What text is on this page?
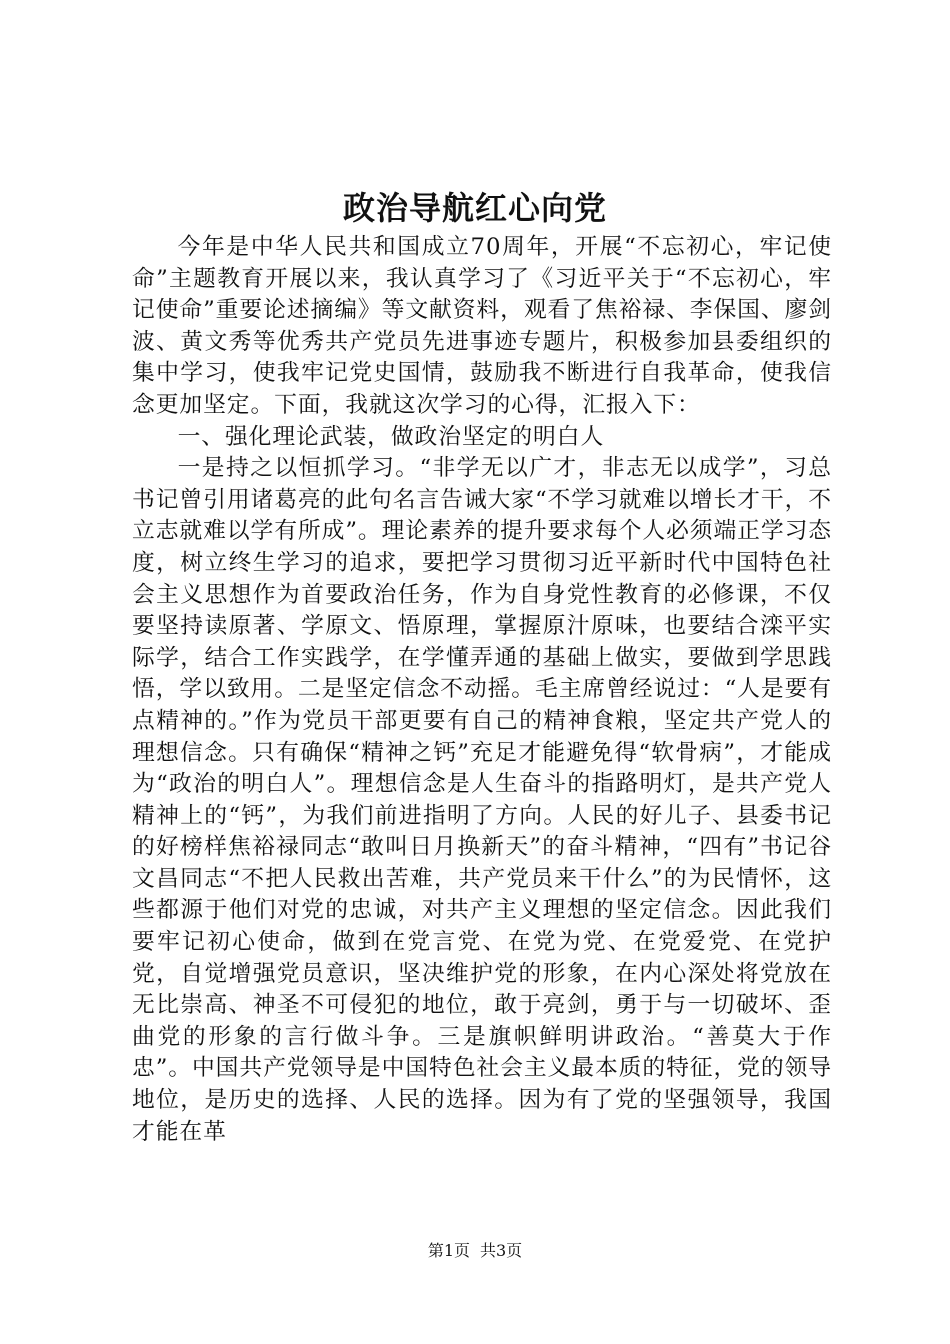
政治导航红心向党

今年是中华人民共和国成立70周年，开展“不忘初心，牢记使命”主题教育开展以来，我认真学习了《习近平关于“不忘初心，牢记使命”重要论述摘编》等文献资料，观看了焦裕禄、李保国、廖剑波、黄文秀等优秀共产党员先进事迹专题片，积极参加县委组织的集中学习，使我牢记党史国情，鼓励我不断进行自我革命，使我信念更加坚定。下面，我就这次学习的心得，汇报入下：

一、强化理论武装，做政治坚定的明白人

一是持之以恒抓学习。“非学无以广才，非志无以成学”，习总书记曾引用诸葛亮的此句名言告诫大家“不学习就难以增长才干，不立志就难以学有所成”。理论素养的提升要求每个人必须端正学习态度，树立终生学习的追求，要把学习贯彻习近平新时代中国特色社会主义思想作为首要政治任务，作为自身党性教育的必修课，不仅要坚持读原著、学原文、悟原理，掌握原汁原味，也要结合滦平实际学，结合工作实践学，在学懂弄通的基础上做实，要做到学思践悟，学以致用。二是坚定信念不动摇。毛主席曾经说过：“人是要有点精神的。”作为党员干部更要有自己的精神食粮，坚定共产党人的理想信念。只有确保“精神之钙”充足才能避免得“软骨病”，才能成为“政治的明白人”。理想信念是人生奋斗的指路明灯，是共产党人精神上的“钙”，为我们前进指明了方向。人民的好儿子、县委书记的好榜样焦裕禄同志“敢叫日月换新天”的奋斗精神，“四有”书记谷文昌同志“不把人民救出苦难，共产党员来干什么”的为民情怀，这些都源于他们对党的忠诚，对共产主义理想的坚定信念。因此我们要牢记初心使命，做到在党言党、在党为党、在党爱党、在党护党，自觉增强党员意识，坚决维护党的形象，在内心深处将党放在无比崇高、神圣不可侵犯的地位，敢于亮剑，勇于与一切破坏、歪曲党的形象的言行做斗争。三是旗帜鲜明讲政治。“善莫大于作忠”。中国共产党领导是中国特色社会主义最本质的特征，党的领导地位，是历史的选择、人民的选择。因为有了党的坚强领导，我国才能在革

第1页 共3页
